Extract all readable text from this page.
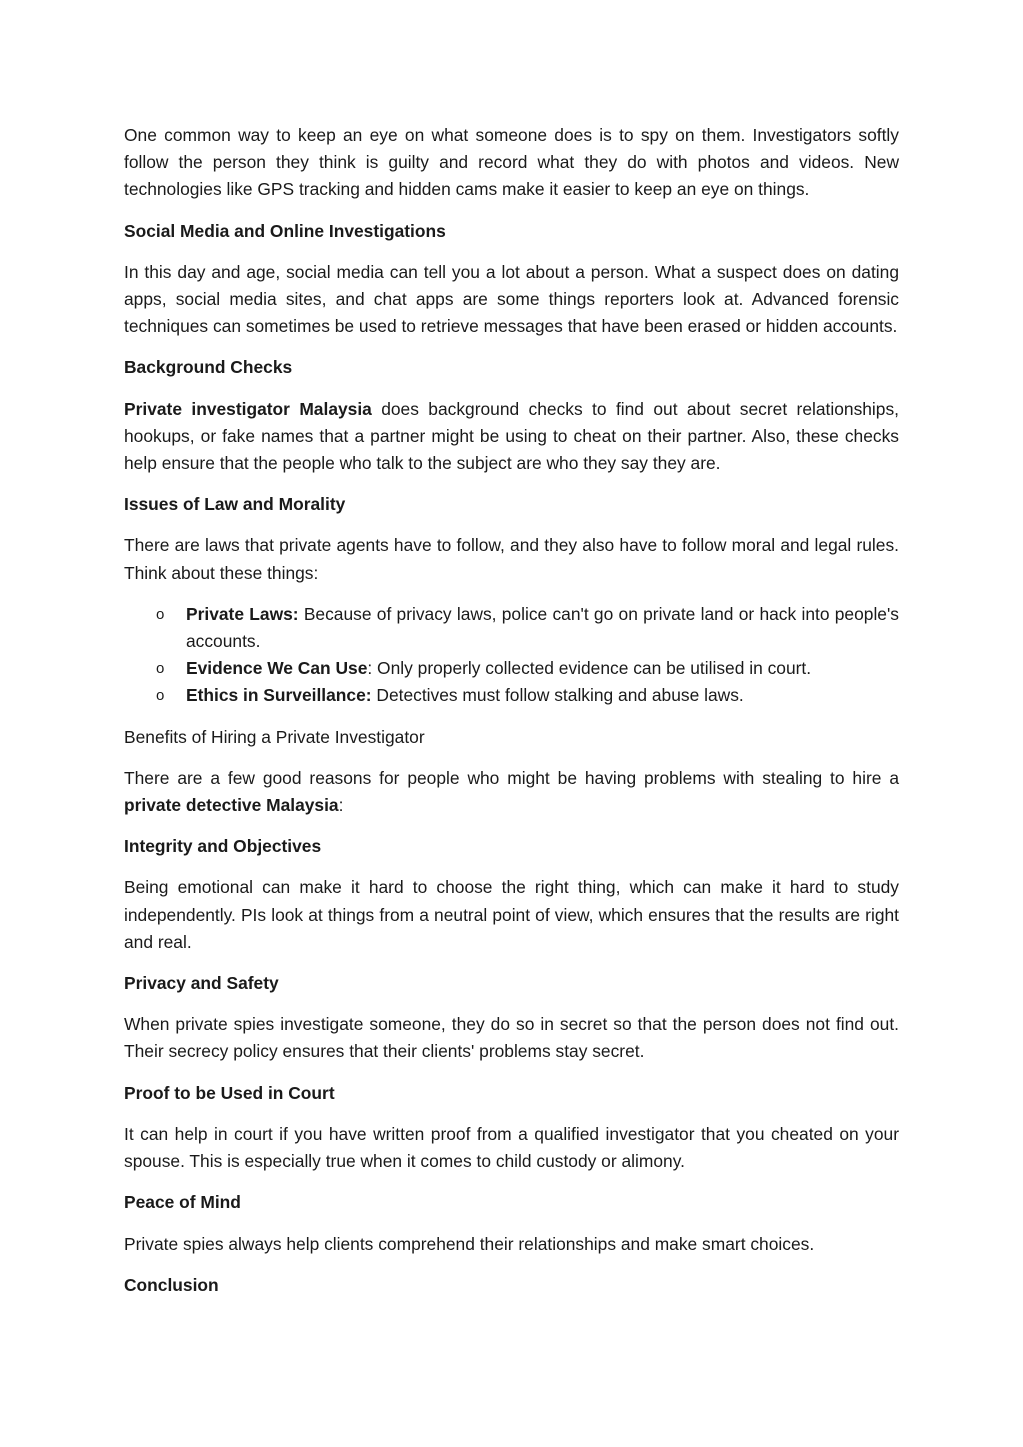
One common way to keep an eye on what someone does is to spy on them. Investigators softly follow the person they think is guilty and record what they do with photos and videos. New technologies like GPS tracking and hidden cams make it easier to keep an eye on things.

Social Media and Online Investigations

In this day and age, social media can tell you a lot about a person. What a suspect does on dating apps, social media sites, and chat apps are some things reporters look at. Advanced forensic techniques can sometimes be used to retrieve messages that have been erased or hidden accounts.

Background Checks

Private investigator Malaysia does background checks to find out about secret relationships, hookups, or fake names that a partner might be using to cheat on their partner. Also, these checks help ensure that the people who talk to the subject are who they say they are.

Issues of Law and Morality

There are laws that private agents have to follow, and they also have to follow moral and legal rules. Think about these things:

o Private Laws: Because of privacy laws, police can't go on private land or hack into people's accounts.
o Evidence We Can Use: Only properly collected evidence can be utilised in court.
o Ethics in Surveillance: Detectives must follow stalking and abuse laws.

Benefits of Hiring a Private Investigator

There are a few good reasons for people who might be having problems with stealing to hire a private detective Malaysia:

Integrity and Objectives

Being emotional can make it hard to choose the right thing, which can make it hard to study independently. PIs look at things from a neutral point of view, which ensures that the results are right and real.

Privacy and Safety

When private spies investigate someone, they do so in secret so that the person does not find out. Their secrecy policy ensures that their clients' problems stay secret.

Proof to be Used in Court

It can help in court if you have written proof from a qualified investigator that you cheated on your spouse. This is especially true when it comes to child custody or alimony.

Peace of Mind

Private spies always help clients comprehend their relationships and make smart choices.

Conclusion
